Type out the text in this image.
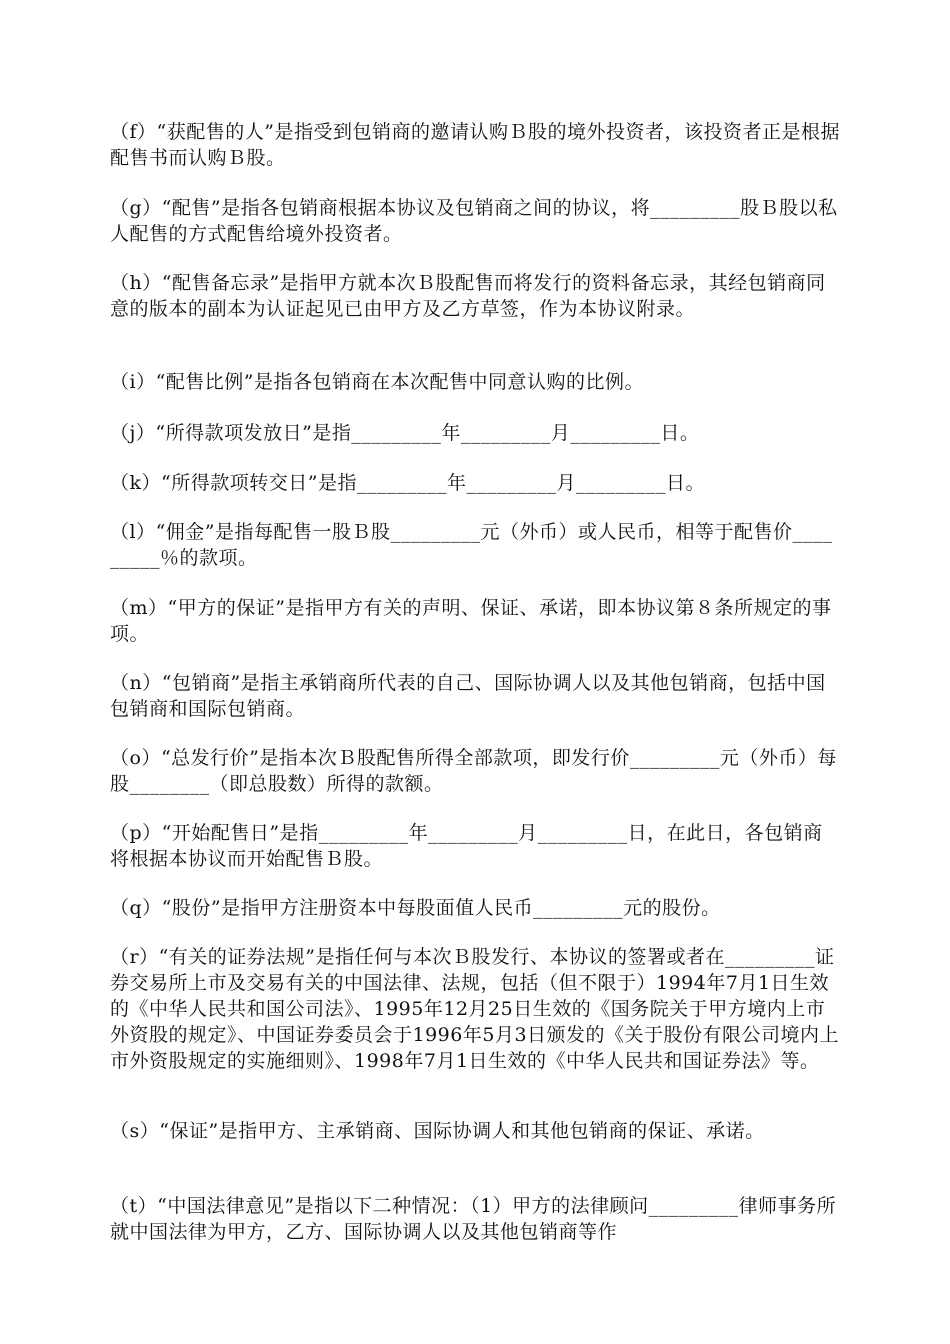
（f）“获配售的人”是指受到包销商的邀请认购Ｂ股的境外投资者，该投资者正是根据配售书而认购Ｂ股。
（g）“配售”是指各包销商根据本协议及包销商之间的协议，将_________股Ｂ股以私人配售的方式配售给境外投资者。
（h）“配售备忘录”是指甲方就本次Ｂ股配售而将发行的资料备忘录，其经包销商同意的版本的副本为认证起见已由甲方及乙方草签，作为本协议附录。
（i）“配售比例”是指各包销商在本次配售中同意认购的比例。
（j）“所得款项发放日”是指_________年_________月_________日。
（k）“所得款项转交日”是指_________年_________月_________日。
（l）“佣金”是指每配售一股Ｂ股_________元（外币）或人民币，相等于配售价_________％的款项。
（m）“甲方的保证”是指甲方有关的声明、保证、承诺，即本协议第８条所规定的事项。
（n）“包销商”是指主承销商所代表的自己、国际协调人以及其他包销商，包括中国包销商和国际包销商。
（o）“总发行价”是指本次Ｂ股配售所得全部款项，即发行价_________元（外币）每股________（即总股数）所得的款额。
（p）“开始配售日”是指_________年_________月_________日，在此日，各包销商将根据本协议而开始配售Ｂ股。
（q）“股份”是指甲方注册资本中每股面值人民币_________元的股份。
（r）“有关的证券法规”是指任何与本次Ｂ股发行、本协议的签署或者在_________证券交易所上市及交易有关的中国法律、法规，包括（但不限于）1994年7月1日生效的《中华人民共和国公司法》、1995年12月25日生效的《国务院关于甲方境内上市外资股的规定》、中国证券委员会于1996年5月3日颁发的《关于股份有限公司境内上市外资股规定的实施细则》、1998年7月1日生效的《中华人民共和国证券法》等。
（s）“保证”是指甲方、主承销商、国际协调人和其他包销商的保证、承诺。
（t）“中国法律意见”是指以下二种情况：（1）甲方的法律顾问_________律师事务所就中国法律为甲方，乙方、国际协调人以及其他包销商等作
